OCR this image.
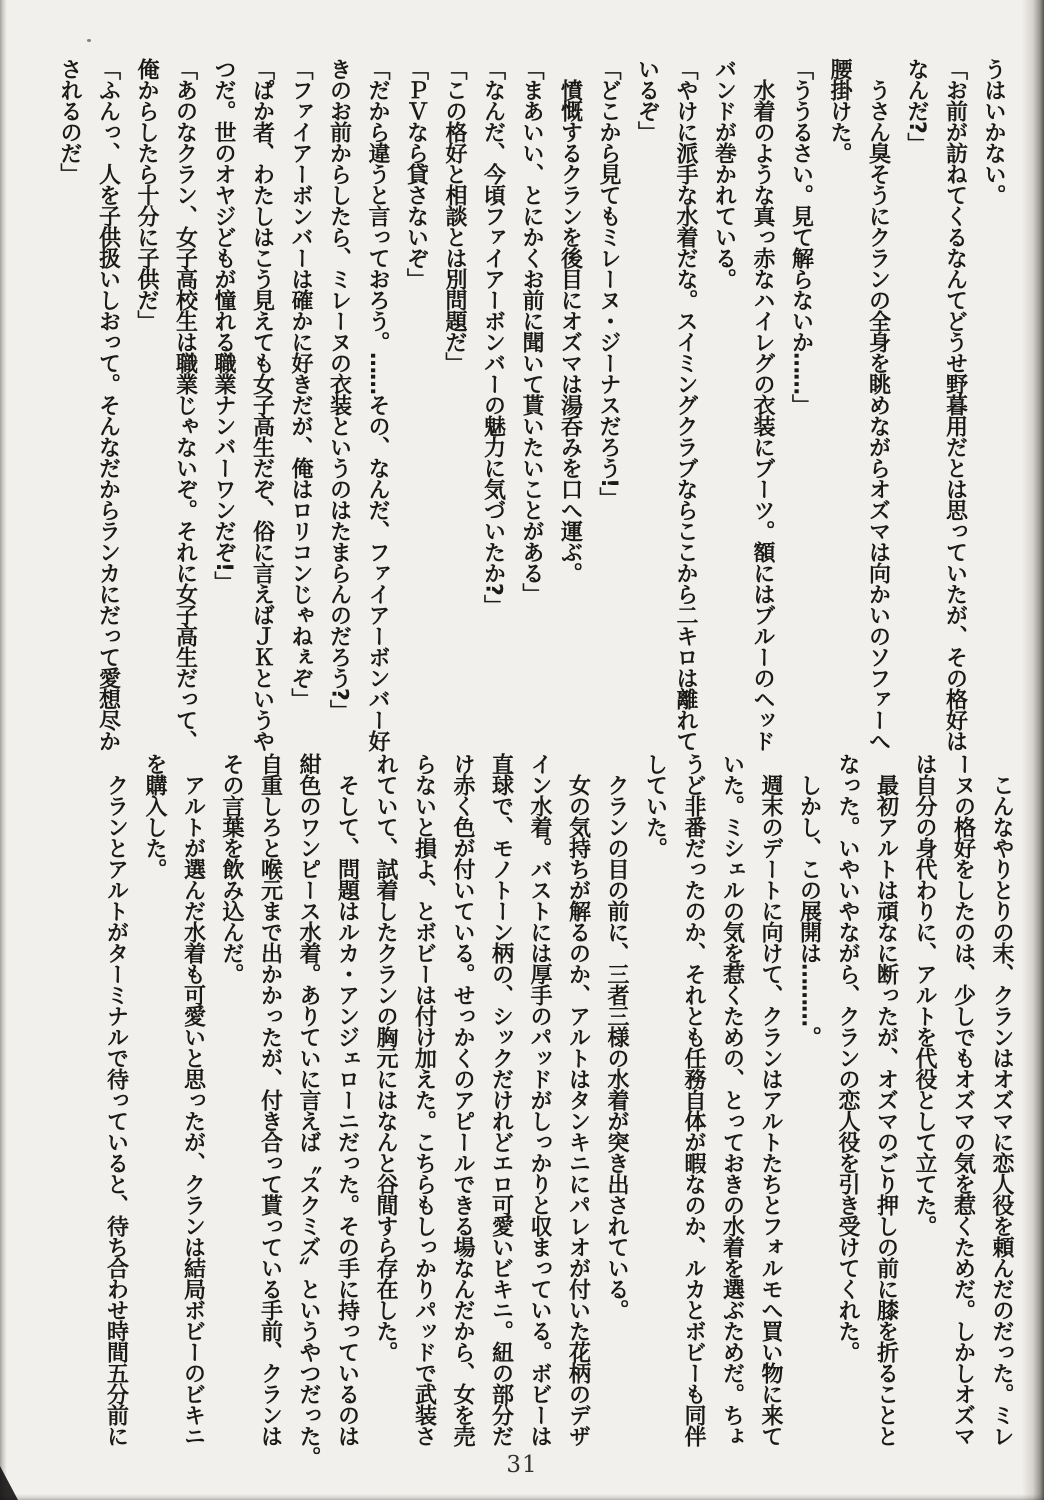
うはいかない。
「お前が訪ねてくるなんてどうせ野暮用だとは思っていたが、その格好は
なんだ?」
　うさん臭そうにクランの全身を眺めながらオズマは向かいのソファーへ
腰掛けた。
「ううるさい。見て解らないか……」
　水着のような真っ赤なハイレグの衣装にブーツ。額にはブルーのヘッド
バンドが巻かれている。
「やけに派手な水着だな。スイミングクラブならここから二キロは離れて
いるぞ」
「どこから見てもミレーヌ・ジーナスだろう!」
　憤慨するクランを後目にオズマは湯呑みを口へ運ぶ。
「まあいい、とにかくお前に聞いて貰いたいことがある」
「なんだ、今頃ファイアーボンバーの魅力に気づいたか?」
「この格好と相談とは別問題だ」
「ＰＶなら貸さないぞ」
「だから違うと言っておろう。……その、なんだ、ファイアーボンバー好
きのお前からしたら、ミレーヌの衣装というのはたまらんのだろう?」
「ファイアーボンバーは確かに好きだが、俺はロリコンじゃねぇぞ」
「ぱか者、わたしはこう見えても女子高生だぞ、俗に言えばＪＫというや
つだ。世のオヤジどもが憧れる職業ナンバーワンだぞ!」
「あのなクラン、女子高校生は職業じゃないぞ。それに女子高生だって、
俺からしたら十分に子供だ」
「ふんっ、人を子供扱いしおって。そんなだからランカにだって愛想尽か
されるのだ」
　こんなやりとりの末、クランはオズマに恋人役を頼んだのだった。ミレ
ーヌの格好をしたのは、少しでもオズマの気を惹くためだ。しかしオズマ
は自分の身代わりに、アルトを代役として立てた。
　最初アルトは頑なに断ったが、オズマのごり押しの前に膝を折ることと
なった。いやいやながら、クランの恋人役を引き受けてくれた。
　しかし、この展開は………。
　週末のデートに向けて、クランはアルトたちとフォルモへ買い物に来て
いた。ミシェルの気を惹くための、とっておきの水着を選ぶためだ。ちょ
うど非番だったのか、それとも任務自体が暇なのか、ルカとボビーも同伴
していた。
　クランの目の前に、三者三様の水着が突き出されている。
　女の気持ちが解るのか、アルトはタンキニにパレオが付いた花柄のデザ
イン水着。バストには厚手のパッドがしっかりと収まっている。ボビーは
直球で、モノトーン柄の、シックだけれどエロ可愛いビキニ。紐の部分だ
け赤く色が付いている。せっかくのアピールできる場なんだから、女を売
らないと損よ、とボビーは付け加えた。こちらもしっかりパッドで武装さ
れていて、試着したクランの胸元にはなんと谷間すら存在した。
　そして、問題はルカ・アンジェローニだった。その手に持っているのは
紺色のワンピース水着。ありていに言えば〝スクミズ〟というやつだった。
自重しろと喉元まで出かかったが、付き合って貰っている手前、クランは
その言葉を飲み込んだ。
　アルトが選んだ水着も可愛いと思ったが、クランは結局ボビーのビキニ
を購入した。
　クランとアルトがターミナルで待っていると、待ち合わせ時間五分前に
31
